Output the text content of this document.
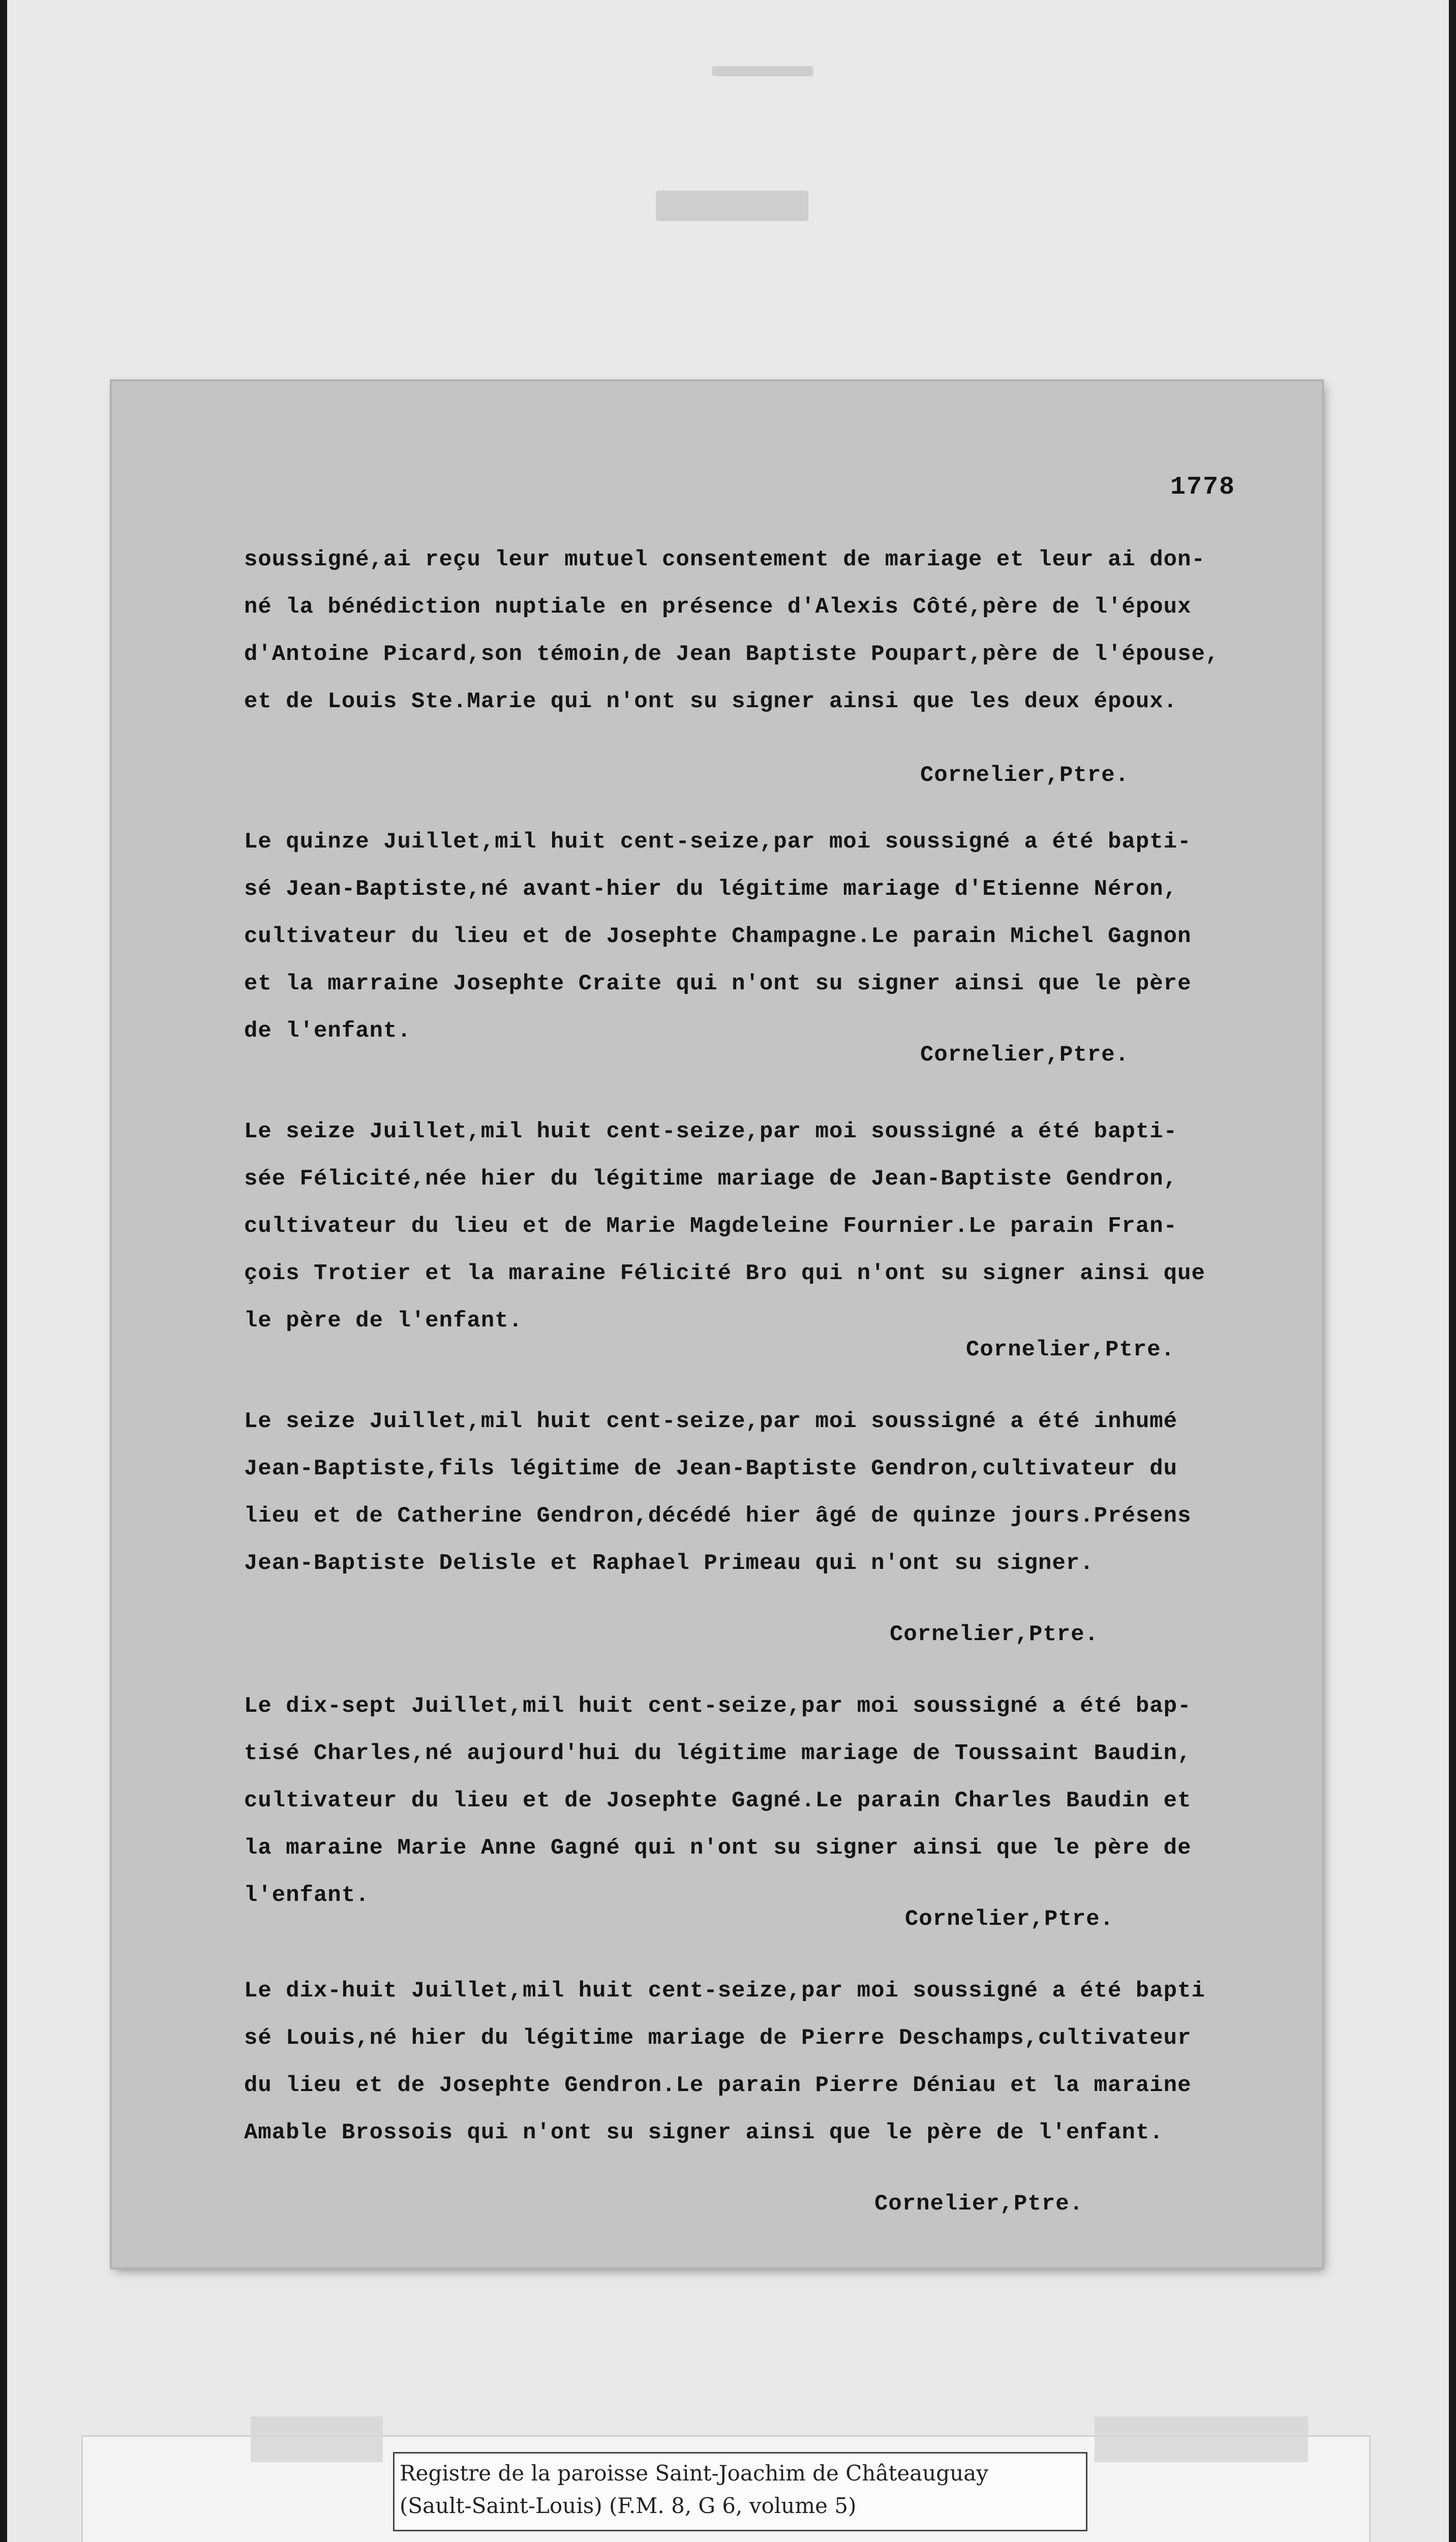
1778
soussigné,ai reçu leur mutuel consentement de mariage et leur ai don-
né la bénédiction nuptiale en présence d'Alexis Côté,père de l'époux
d'Antoine Picard,son témoin,de Jean Baptiste Poupart,père de l'épouse,
et de Louis Ste.Marie qui n'ont su signer ainsi que les deux époux.
Cornelier,Ptre.
Le quinze Juillet,mil huit cent-seize,par moi soussigné a été bapti-
sé Jean-Baptiste,né avant-hier du légitime mariage d'Etienne Néron,
cultivateur du lieu et de Josephte Champagne.Le parain Michel Gagnon
et la marraine Josephte Craite qui n'ont su signer ainsi que le père
de l'enfant.
Cornelier,Ptre.
Le seize Juillet,mil huit cent-seize,par moi soussigné a été bapti-
sée Félicité,née hier du légitime mariage de Jean-Baptiste Gendron,
cultivateur du lieu et de Marie Magdeleine Fournier.Le parain Fran-
çois Trotier et la maraine Félicité Bro qui n'ont su signer ainsi que
le père de l'enfant.
Cornelier,Ptre.
Le seize Juillet,mil huit cent-seize,par moi soussigné a été inhumé
Jean-Baptiste,fils légitime de Jean-Baptiste Gendron,cultivateur du
lieu et de Catherine Gendron,décédé hier âgé de quinze jours.Présens
Jean-Baptiste Delisle et Raphael Primeau qui n'ont su signer.
Cornelier,Ptre.
Le dix-sept Juillet,mil huit cent-seize,par moi soussigné a été bap-
tisé Charles,né aujourd'hui du légitime mariage de Toussaint Baudin,
cultivateur du lieu et de Josephte Gagné.Le parain Charles Baudin et
la maraine Marie Anne Gagné qui n'ont su signer ainsi que le père de
l'enfant.
Cornelier,Ptre.
Le dix-huit Juillet,mil huit cent-seize,par moi soussigné a été bapti
sé Louis,né hier du légitime mariage de Pierre Deschamps,cultivateur
du lieu et de Josephte Gendron.Le parain Pierre Déniau et la maraine
Amable Brossois qui n'ont su signer ainsi que le père de l'enfant.
Cornelier,Ptre.
Registre de la paroisse Saint-Joachim de Châteauguay
(Sault-Saint-Louis) (F.M. 8, G 6, volume 5)
